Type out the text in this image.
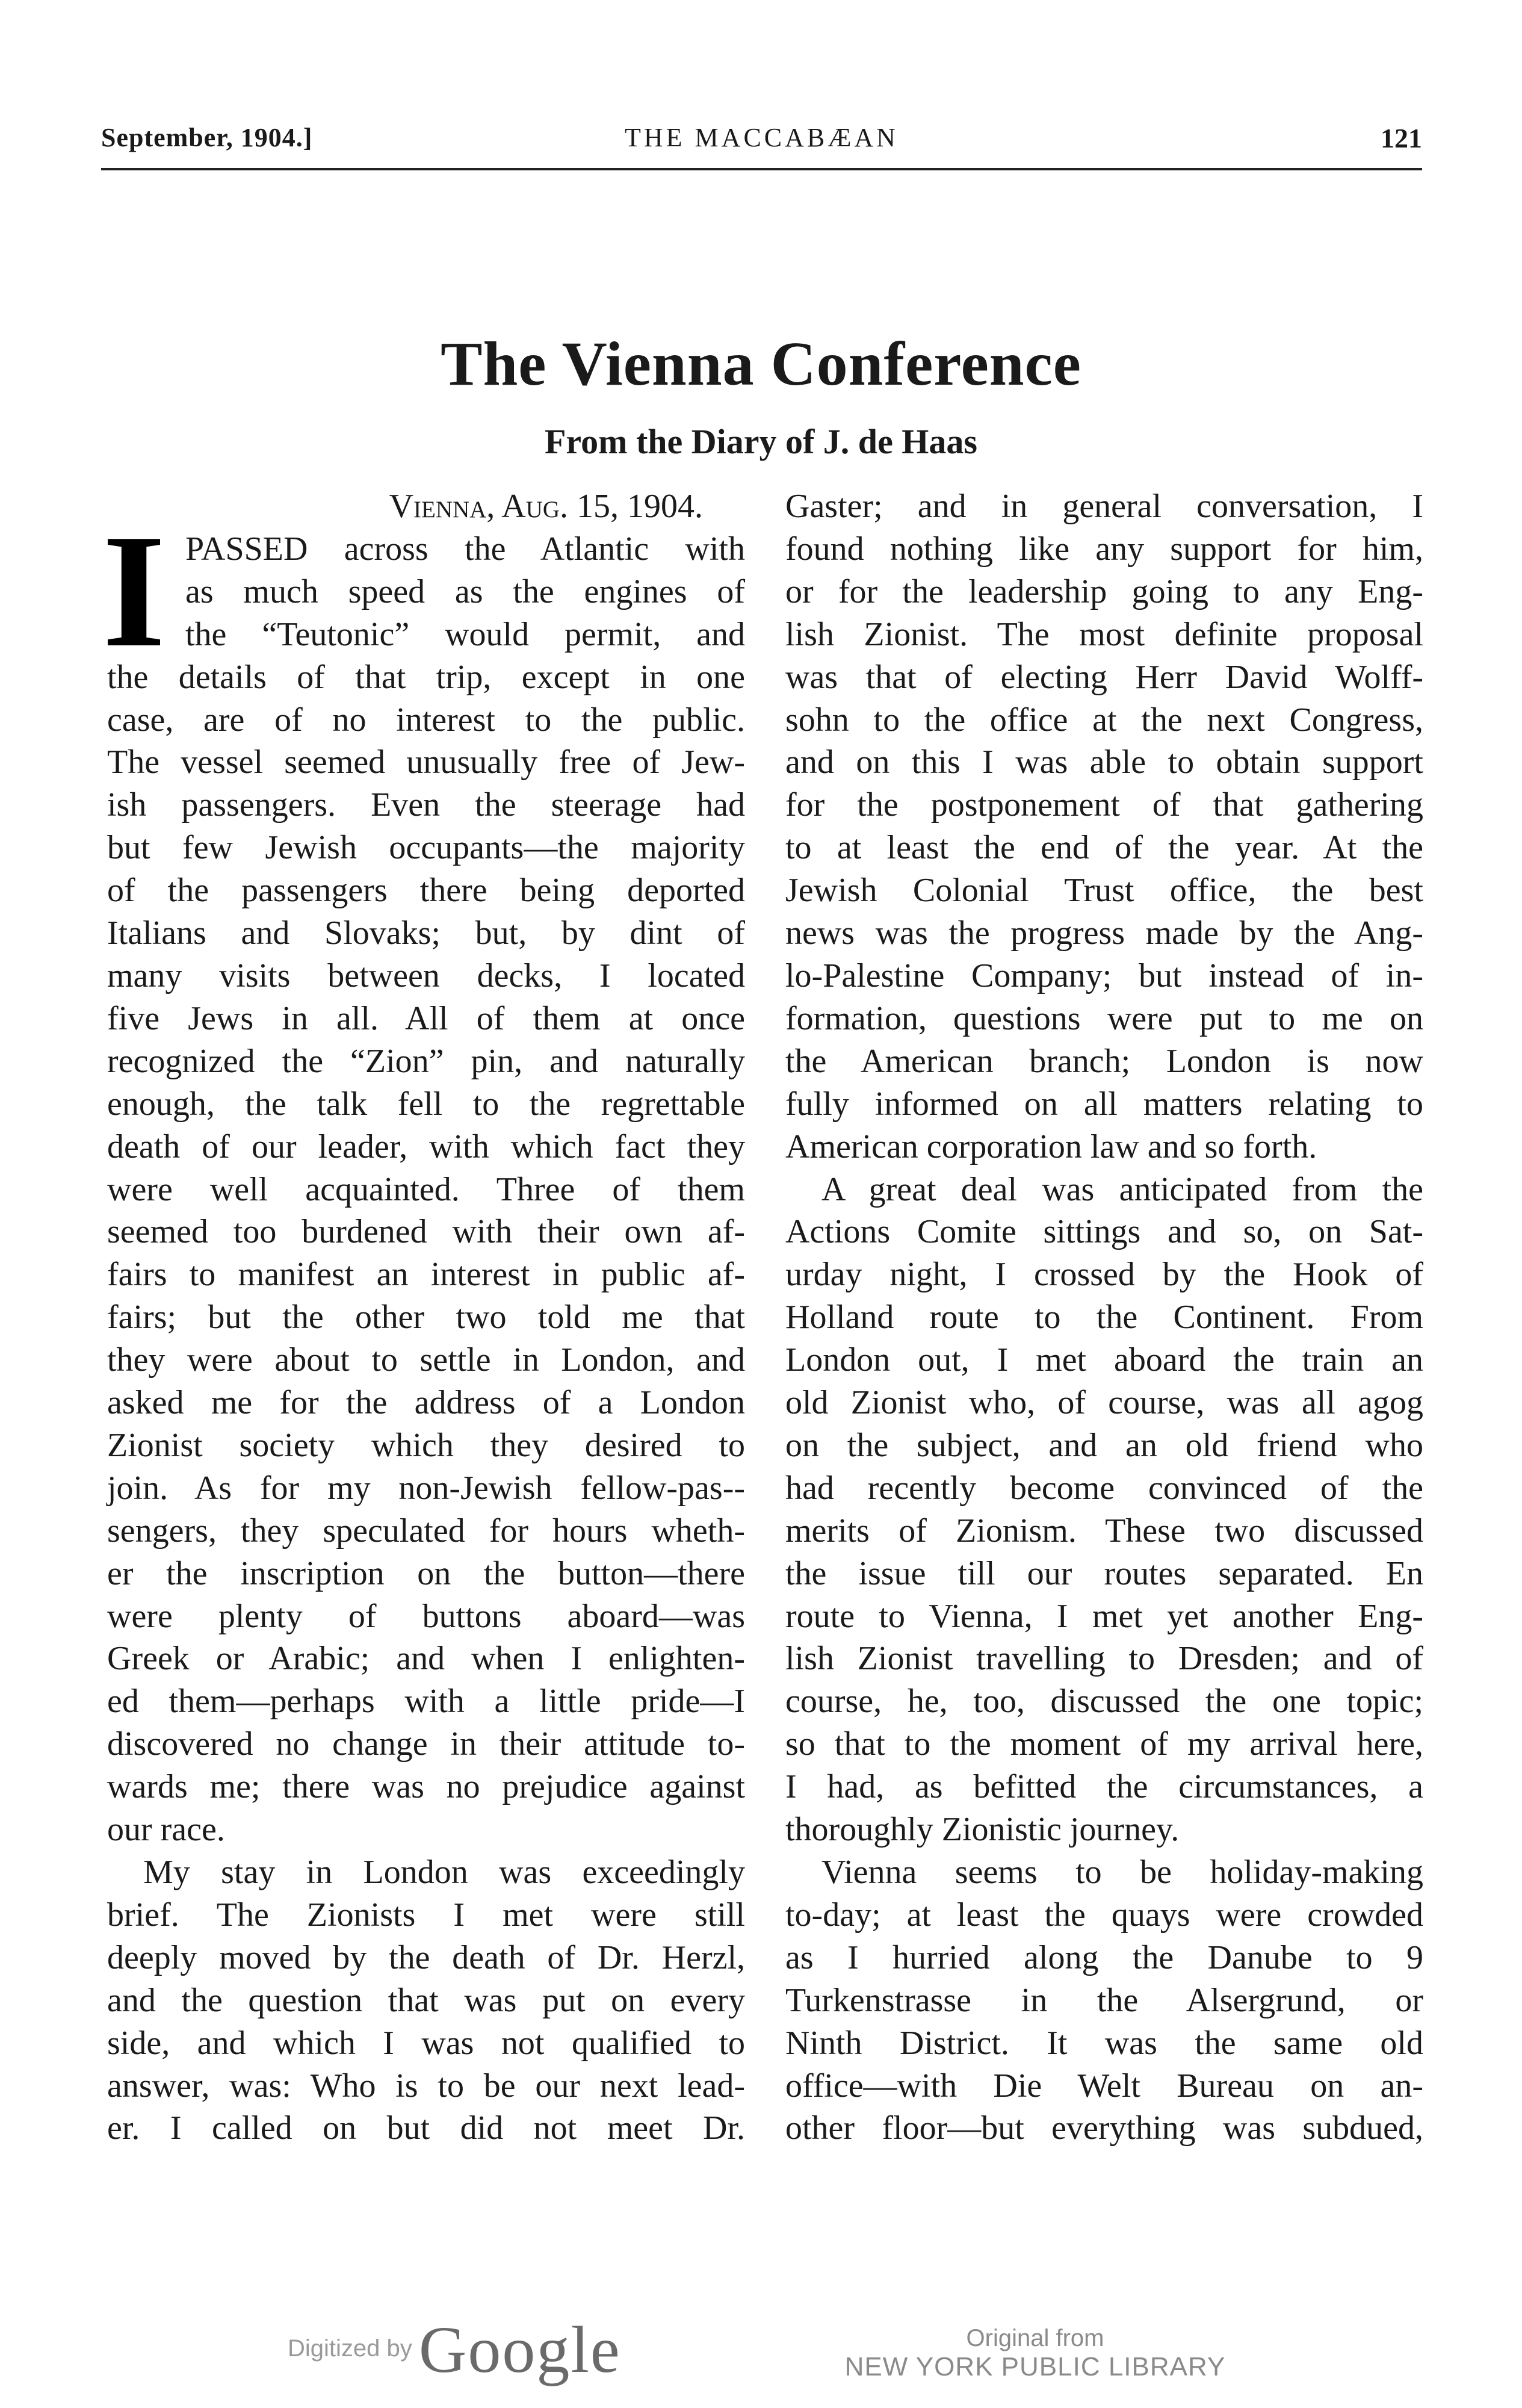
September, 1904.]	THE MACCABÆAN	121
The Vienna Conference
From the Diary of J. de Haas
Vienna, Aug. 15, 1904.
I PASSED across the Atlantic with
as much speed as the engines of
the “Teutonic” would permit, and
the details of that trip, except in one
case, are of no interest to the public.
The vessel seemed unusually free of Jew-
ish passengers. Even the steerage had
but few Jewish occupants—the majority
of the passengers there being deported
Italians and Slovaks; but, by dint of
many visits between decks, I located
five Jews in all. All of them at once
recognized the “Zion” pin, and naturally
enough, the talk fell to the regrettable
death of our leader, with which fact they
were well acquainted. Three of them
seemed too burdened with their own af-
fairs to manifest an interest in public af-
fairs; but the other two told me that
they were about to settle in London, and
asked me for the address of a London
Zionist society which they desired to
join. As for my non-Jewish fellow-pas--
sengers, they speculated for hours wheth-
er the inscription on the button—there
were plenty of buttons aboard—was
Greek or Arabic; and when I enlighten-
ed them—perhaps with a little pride—I
discovered no change in their attitude to-
wards me; there was no prejudice against
our race.
My stay in London was exceedingly
brief. The Zionists I met were still
deeply moved by the death of Dr. Herzl,
and the question that was put on every
side, and which I was not qualified to
answer, was: Who is to be our next lead-
er. I called on but did not meet Dr.
Gaster; and in general conversation, I
found nothing like any support for him,
or for the leadership going to any Eng-
lish Zionist. The most definite proposal
was that of electing Herr David Wolff-
sohn to the office at the next Congress,
and on this I was able to obtain support
for the postponement of that gathering
to at least the end of the year. At the
Jewish Colonial Trust office, the best
news was the progress made by the Ang-
lo-Palestine Company; but instead of in-
formation, questions were put to me on
the American branch; London is now
fully informed on all matters relating to
American corporation law and so forth.
A great deal was anticipated from the
Actions Comite sittings and so, on Sat-
urday night, I crossed by the Hook of
Holland route to the Continent. From
London out, I met aboard the train an
old Zionist who, of course, was all agog
on the subject, and an old friend who
had recently become convinced of the
merits of Zionism. These two discussed
the issue till our routes separated. En
route to Vienna, I met yet another Eng-
lish Zionist travelling to Dresden; and of
course, he, too, discussed the one topic;
so that to the moment of my arrival here,
I had, as befitted the circumstances, a
thoroughly Zionistic journey.
Vienna seems to be holiday-making
to-day; at least the quays were crowded
as I hurried along the Danube to 9
Turkenstrasse in the Alsergrund, or
Ninth District. It was the same old
office—with Die Welt Bureau on an-
other floor—but everything was subdued,
Digitized by Google	Original from
NEW YORK PUBLIC LIBRARY
